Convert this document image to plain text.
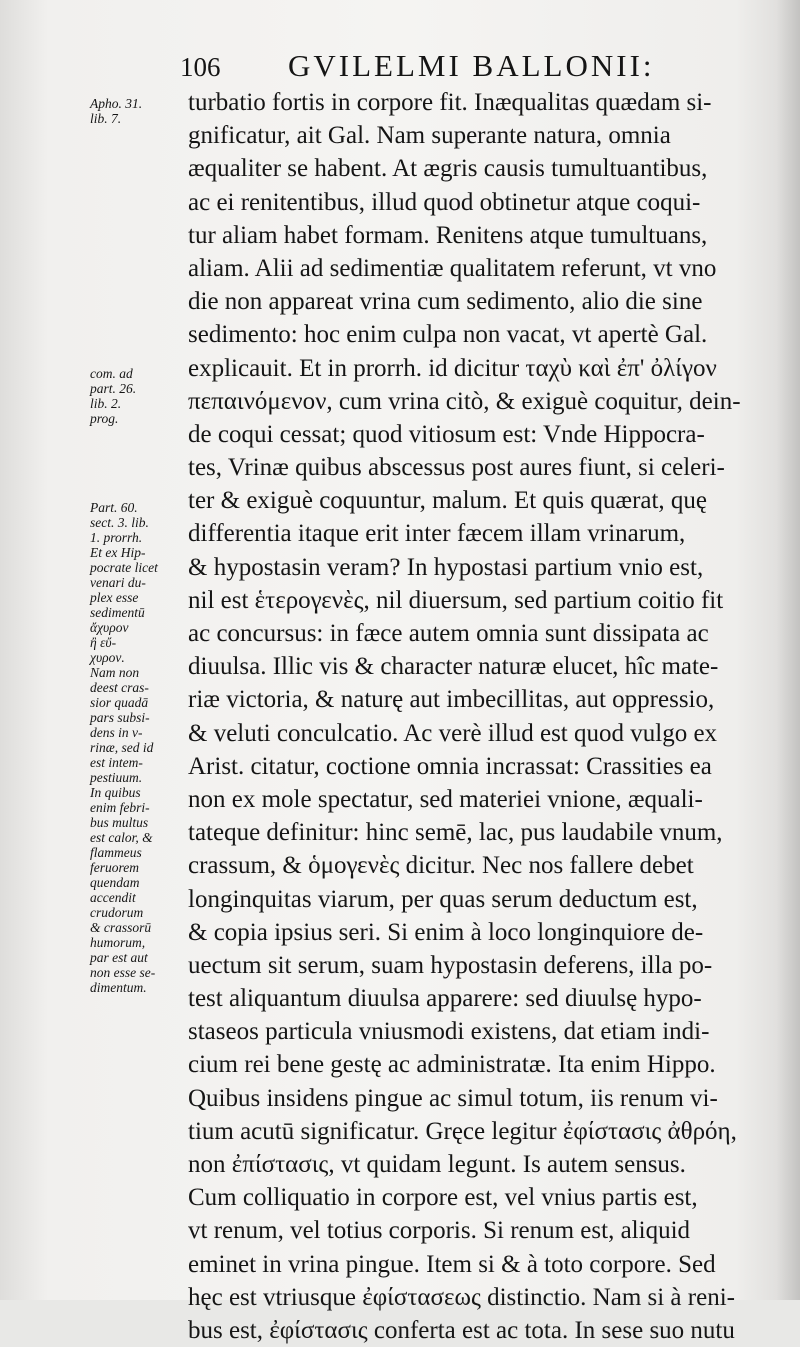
106 GVILELMI BALLONII:
Apho. 31.
lib. 7.
com. ad
part. 26.
lib. 2.
prog.
Part. 60.
sect. 3. lib.
1. prorrh.
Et ex Hip-
pocrate licet
venari du-
plex esse
sedimentū
ἄχυρον
ἢ εὔ-
χυρον.
Nam non
deest cras-
sior quadā
pars subsi-
dens in v-
rinæ, sed id
est intem-
pestiuum.
In quibus
enim febri-
bus multus
est calor, &
flammeus
feruorem
quendam
accendit
crudorum
& crassorū
humorum,
par est aut
non esse se-
dimentum.
turbatio fortis in corpore fit. Inæqualitas quædam si-
gnificatur, ait Gal. Nam superante natura, omnia
æqualiter se habent. At ægris causis tumultuantibus,
ac ei renitentibus, illud quod obtinetur atque coqui-
tur aliam habet formam. Renitens atque tumultuans,
aliam. Alii ad sedimentiæ qualitatem referunt, vt vno
die non appareat vrina cum sedimento, alio die sine
sedimento: hoc enim culpa non vacat, vt apertè Gal.
explicauit. Et in prorrh. id dicitur ταχὺ καὶ ἐπ' ὀλίγον
πεπαινόμενον, cum vrina citò, & exiguè coquitur, dein-
de coqui cessat; quod vitiosum est: Vnde Hippocra-
tes, Vrinæ quibus abscessus post aures fiunt, si celeri-
ter & exiguè coquuntur, malum. Et quis quærat, quę
differentia itaque erit inter fæcem illam vrinarum,
& hypostasin veram? In hypostasi partium vnio est,
nil est ἑτερογενὲς, nil diuersum, sed partium coitio fit
ac concursus: in fæce autem omnia sunt dissipata ac
diuulsa. Illic vis & character naturæ elucet, hîc mate-
riæ victoria, & naturę aut imbecillitas, aut oppressio,
& veluti conculcatio. Ac verè illud est quod vulgo ex
Arist. citatur, coctione omnia incrassat: Crassities ea
non ex mole spectatur, sed materiei vnione, æquali-
tateque definitur: hinc semē, lac, pus laudabile vnum,
crassum, & ὁμογενὲς dicitur. Nec nos fallere debet
longinquitas viarum, per quas serum deductum est,
& copia ipsius seri. Si enim à loco longinquiore de-
uectum sit serum, suam hypostasin deferens, illa po-
test aliquantum diuulsa apparere: sed diuulsę hypo-
staseos particula vniusmodi existens, dat etiam indi-
cium rei bene gestę ac administratæ. Ita enim Hippo.
Quibus insidens pingue ac simul totum, iis renum vi-
tium acutū significatur. Gręce legitur ἐφίστασις ἀθρόη,
non ἐπίστασις, vt quidam legunt. Is autem sensus.
Cum colliquatio in corpore est, vel vnius partis est,
vt renum, vel totius corporis. Si renum est, aliquid
eminet in vrina pingue. Item si & à toto corpore. Sed
hęc est vtriusque ἐφίστασεως distinctio. Nam si à reni-
bus est, ἐφίστασις conferta est ac tota. In sese suo nutu
